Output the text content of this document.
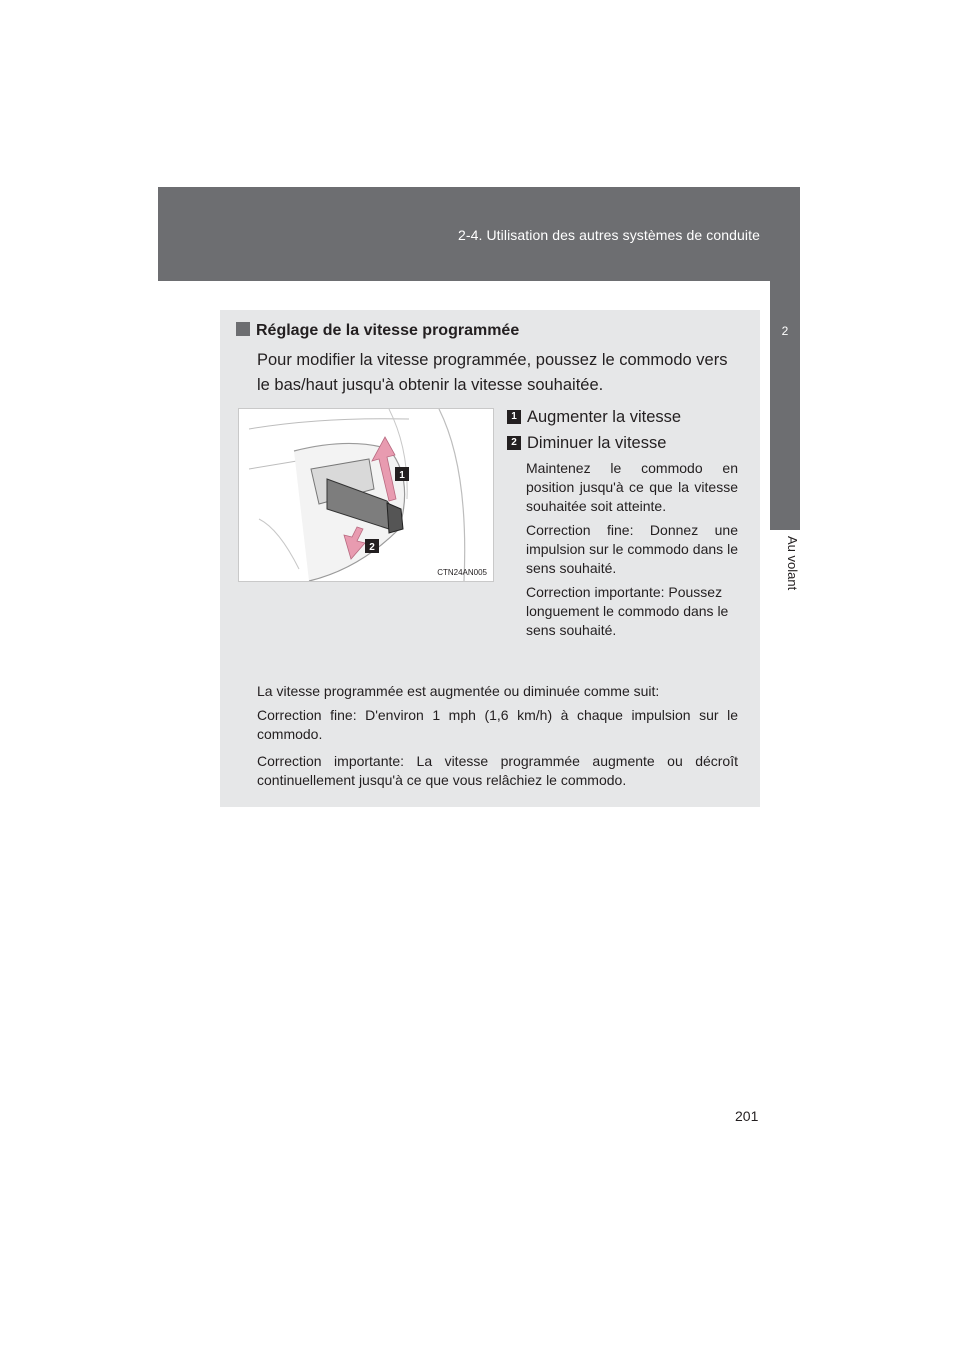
2-4. Utilisation des autres systèmes de conduite
2
Au volant
Réglage de la vitesse programmée
Pour modifier la vitesse programmée, poussez le commodo vers le bas/haut jusqu'à obtenir la vitesse souhaitée.
1
2
CTN24AN005
1 Augmenter la vitesse
2 Diminuer la vitesse
Maintenez le commodo en position jusqu'à ce que la vitesse souhaitée soit atteinte.
Correction fine: Donnez une impulsion sur le commodo dans le sens souhaité.
Correction importante: Poussez longuement le commodo dans le sens souhaité.
La vitesse programmée est augmentée ou diminuée comme suit:
Correction fine: D'environ 1 mph (1,6 km/h) à chaque impulsion sur le commodo.
Correction importante: La vitesse programmée augmente ou décroît continuellement jusqu'à ce que vous relâchiez le commodo.
201
